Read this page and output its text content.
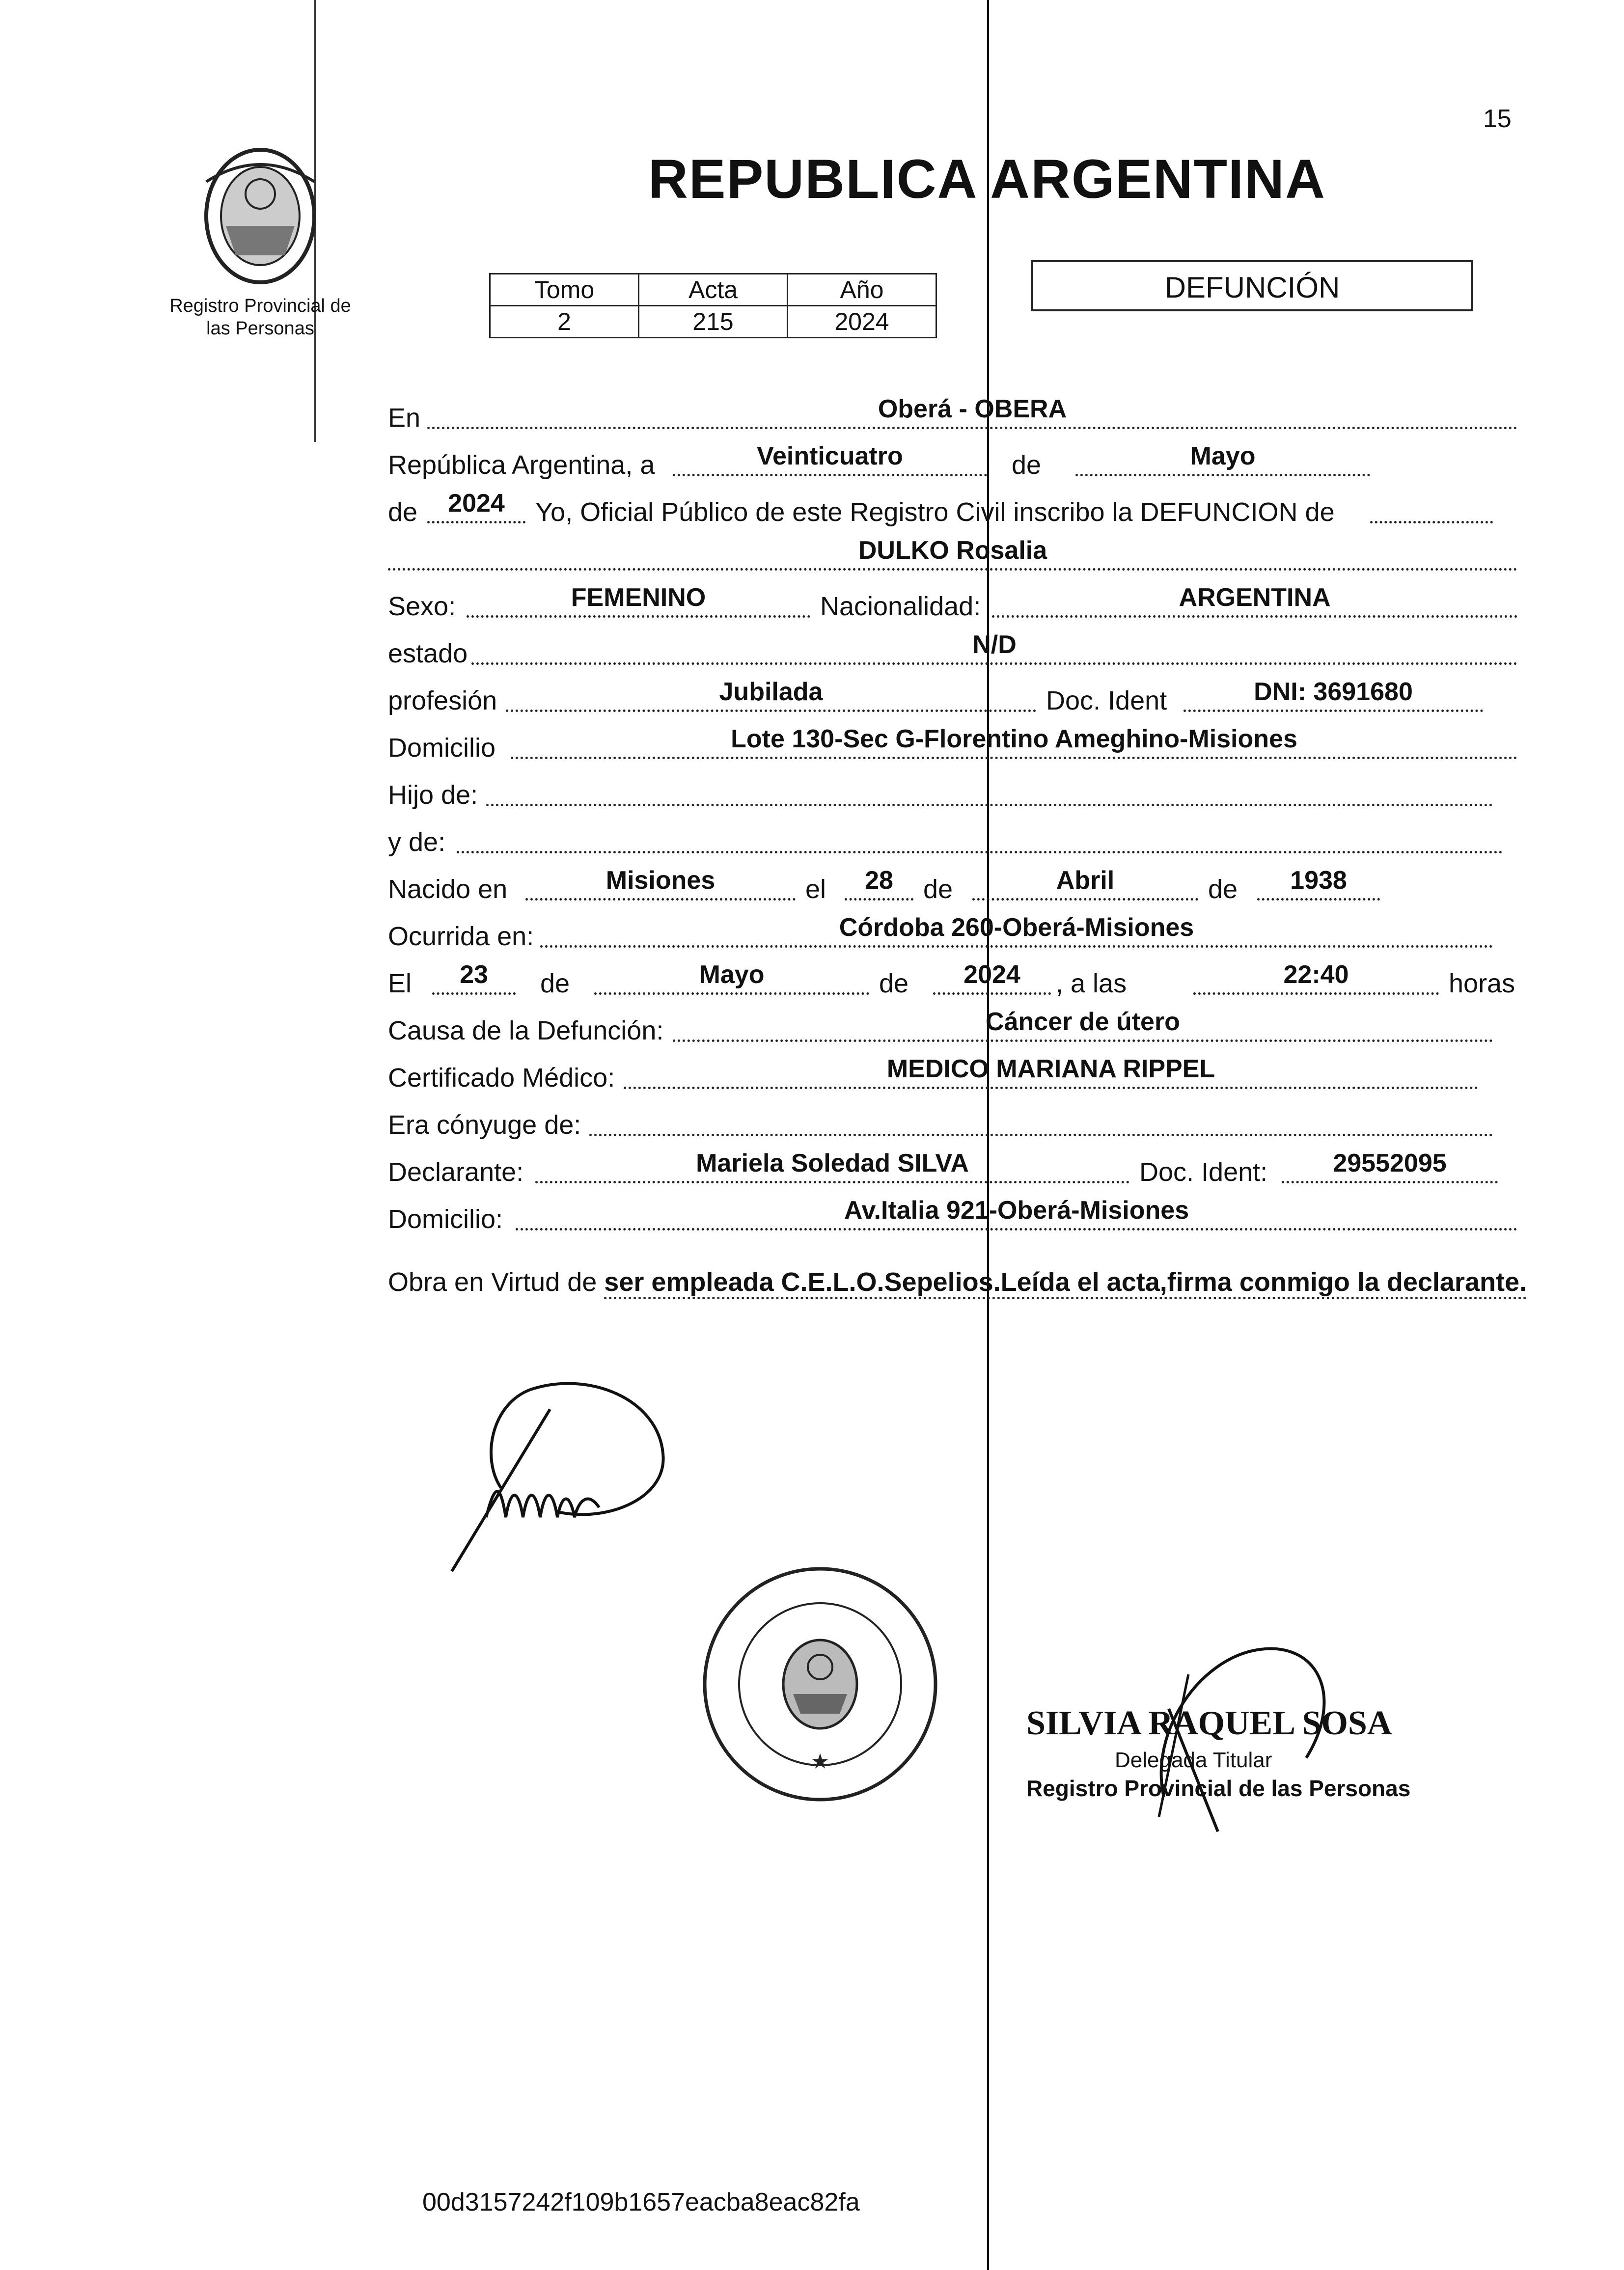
15
Registro Provincial de
las Personas
REPUBLICA ARGENTINA
Tomo	Acta	Año
2	215	2024
DEFUNCIÓN
En	Oberá - OBERA
República Argentina, a	Veinticuatro	de	Mayo
de	2024	Yo, Oficial Público de este Registro Civil inscribo la DEFUNCION de
DULKO Rosalia
Sexo:	FEMENINO	Nacionalidad:	ARGENTINA
estado	N/D
profesión	Jubilada	Doc. Ident	DNI: 3691680
Domicilio	Lote 130-Sec G-Florentino Ameghino-Misiones
Hijo de:
y de:
Nacido en	Misiones	el	28	de	Abril	de	1938
Ocurrida en:	Córdoba 260-Oberá-Misiones
El	23	de	Mayo	de	2024	, a las	22:40	horas
Causa de la Defunción:	Cáncer de útero
Certificado Médico:	MEDICO MARIANA RIPPEL
Era cónyuge de:
Declarante:	Mariela Soledad SILVA	Doc. Ident:	29552095
Domicilio:	Av.Italia 921-Oberá-Misiones
Obra en Virtud de ser empleada C.E.L.O.Sepelios.Leída el acta,firma conmigo la declarante.
★
SILVIA RAQUEL SOSA
Delegada Titular
Registro Provincial de las Personas
00d3157242f109b1657eacba8eac82fa
